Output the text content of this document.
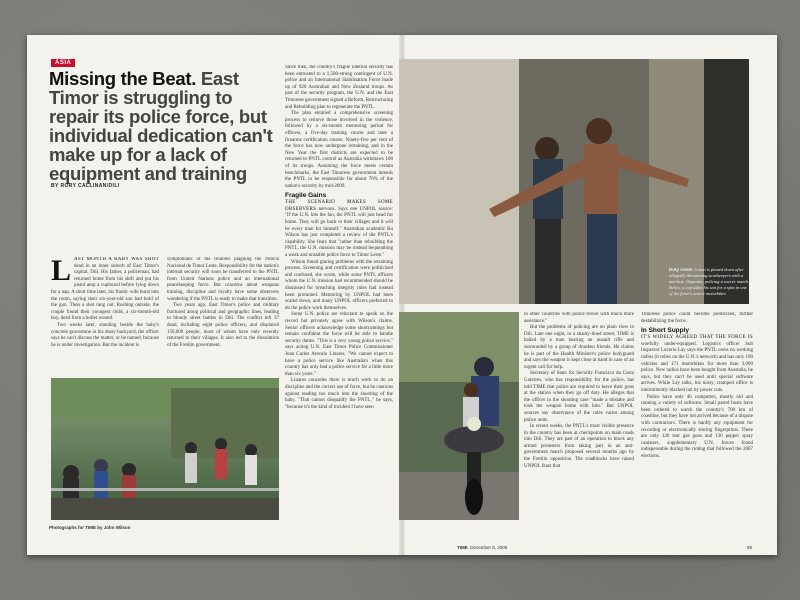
ASIA
Missing the Beat. East Timor is struggling to repair its police force, but individual dedication can't make up for a lack of equipment and training
BY RORY CALLINAN/DILI

LAST MONTH A BABY WAS SHOT dead in an inner suburb of East Timor's capital, Dili. His father, a policeman, had returned home from his shift and put his pistol atop a cupboard before lying down for a nap. A short time later, his frantic wife burst into the room, saying their six-year-old son had hold of the gun. Then a shot rang out. Rushing outside, the couple found their youngest child, a six-month-old boy, dead from a bullet wound.

Two weeks later, standing beside the baby's concrete gravestone in his dusty backyard, the officer says he can't discuss the matter, or be named, because he is under investigation. But the incident is

symptomatic of the troubles plaguing the Policia Nacional de Timor Leste. Responsibility for the nation's internal security will soon be transferred to the PNTL from United Nations police and an international peacekeeping force. But concerns about weapons training, discipline and loyalty have some observers wondering if the PNTL is ready to make that transition.

Two years ago, East Timor's police and military fractured along political and geographic lines, leading to bloody street battles in Dili. The conflict left 37 dead, including eight police officers, and displaced 150,000 people, most of whom have only recently returned to their villages. It also led to the dissolution of the Fretilin government.

Photographs for TIME by John Wilson

Since then, the country's fragile internal security has been entrusted to a 1,500-strong contingent of U.N. police and an International Stabilisation Force made up of 920 Australian and New Zealand troops. As part of the security program, the U.N. and the East Timorese government signed a Reform, Restructuring and Rebuilding plan to regenerate the PNTL.

The plan entailed a comprehensive screening process to remove those involved in the violence, followed by a six-month mentoring period for officers, a five-day training course and later a firearms certification course. Ninety-five per cent of the force has now undergone retraining, and in the New Year the first districts are expected to be returned to PNTL control as Australia withdraws 100 of its troops. Assuming the force meets certain benchmarks, the East Timorese government intends the PNTL to be responsible for about 70% of the nation's security by mid-2009.

Fragile Gains

THE SCENARIO MAKES SOME OBSERVERS nervous. Says one UNPOL source: "If the U.N. hits the fan, the PNTL will just head for home. They will go back to their villages and it will be every man for himself." Australian academic Bu Wilson has just completed a review of the PNTL's capability. She fears that "rather than rebuilding the PNTL, the U.N. mission may be instead bequeathing a weak and unstable police force to Timor Leste."

Wilson found glaring problems with the retraining process. Screening and certification were politicized and confused, she wrote, while some PNTL officers whom the U.N. mission had recommended should be dismissed for breaching integrity rules had instead been promoted. Mentoring by UNPOL had been scaled down, and many UNPOL officers preferred to do the police work themselves.

Some U.N. police are reluctant to speak on the record but privately agree with Wilson's claims. Senior officers acknowledge some shortcomings but remain confident the force will be able to handle security duties. "This is a very young police service," says acting U.N. East Timor Police Commissioner Juan Carlos Arevalo Linares. "We cannot expect to have a police service like Australia's when this country has only had a police service for a little more than six years."

Linares concedes there is much work to do on discipline and the correct use of force, but he cautions against reading too much into the shooting of the baby. "That cannot disqualify the PNTL," he says, "because it's the kind of incident I have seen

Duty roster A man is pinned down after allegedly threatening storekeepers with a machete. Opposite, policing a soccer match. Below, a cop takes his son for a spin in one of the force's scarce motorbikes

in other countries with police forces with much more assistance."

But the problems of policing are on plain view in Dili. Late one night, in a shanty-lined street, TIME is hailed by a man bearing an assault rifle and surrounded by a group of drunken friends. He claims he is part of the Health Minister's police bodyguard and says the weapon is kept close at hand in case of an urgent call for help.

Secretary of State for Security Francisco da Costa Guterres, who has responsibility for the police, has told TIME that police are required to leave their guns at the station when they go off duty. He alleges that the officer in the shooting case "made a mistake and took the weapon home with him." But UNPOL sources say observance of the rules varies among police units.

In recent weeks, the PNTL's most visible presence in the country has been at checkpoints on main roads into Dili. They are part of an operation to block any armed protesters from taking part in an anti-government march proposed several months ago by the Fretilin opposition. The roadblocks have raised UNPOL fears that

Timorese police could become politicized, further destabilizing the force.

In Short Supply

IT'S WIDELY AGREED THAT THE FORCE IS woefully under-equipped. Logistics officer Sub Inspector Lucerio Lay says the PNTL owns no working radios (it relies on the U.N.'s network) and has only 190 vehicles and 171 motorbikes for more than 3,000 police. New radios have been bought from Australia, he says, but they can't be used until special software arrives. While Lay talks, his noisy, cramped office is intermittently blacked out by power cuts.

Police have only 46 computers, mostly old and running a variety of software. Small patrol boats have been ordered to watch the country's 700 km of coastline, but they have not arrived because of a dispute with contractors. There is hardly any equipment for recording or electronically storing fingerprints. There are only 120 tear gas guns and 130 pepper spray canisters, supplementary U.N. forces found indispensable during the rioting that followed the 2007 elections.

TIME December 8, 2008	59
